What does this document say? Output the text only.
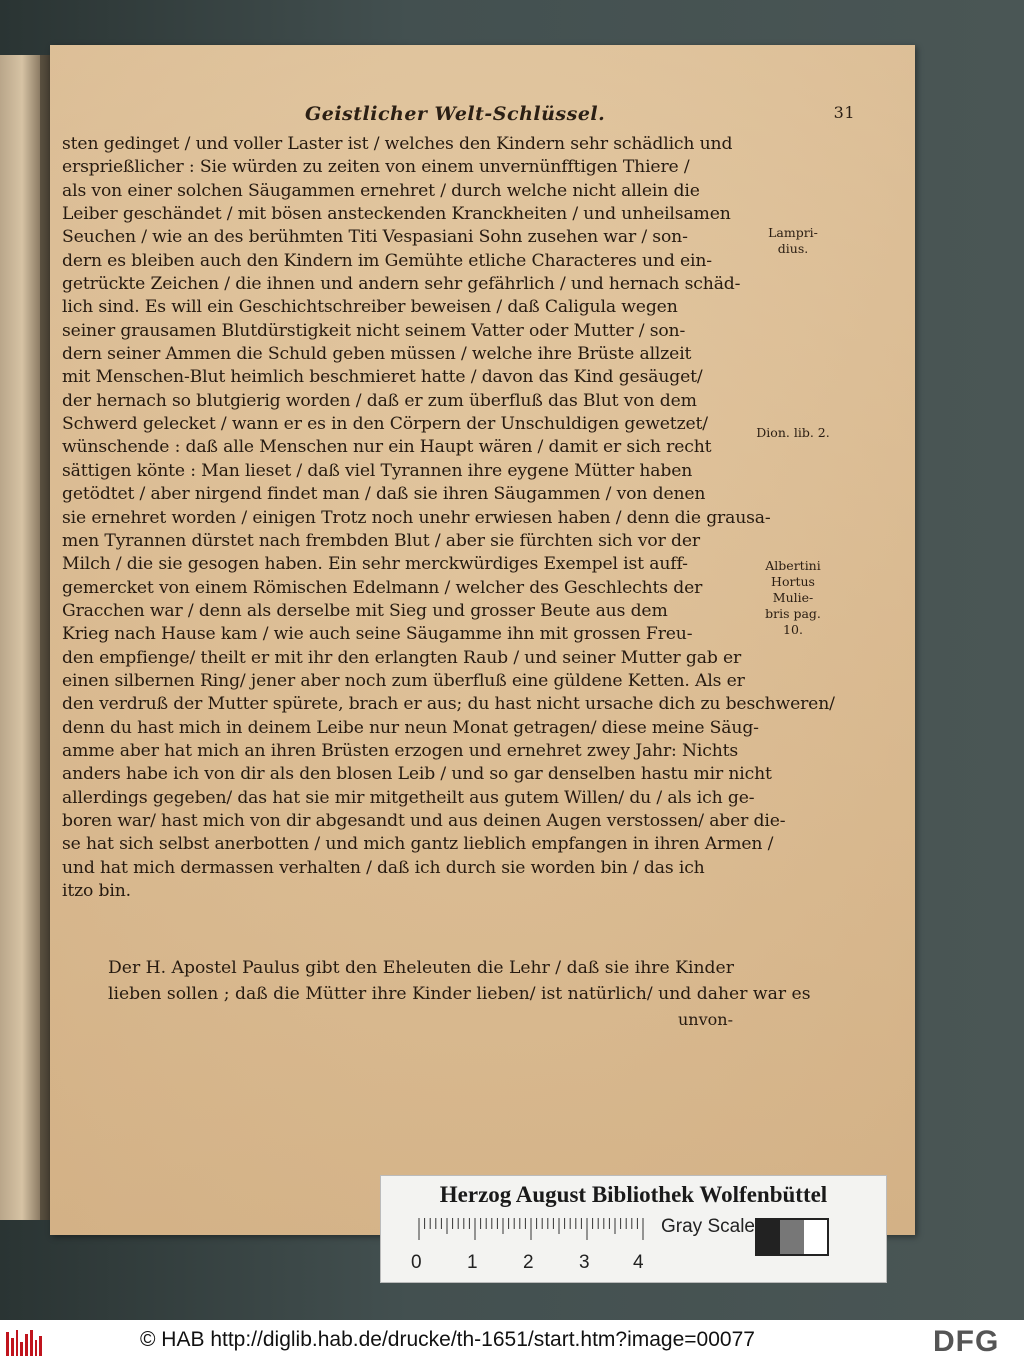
Geistlicher Welt-Schlüssel.	31
sten gedinget / und voller Laster ist / welches den Kindern sehr schädlich und
ersprießlicher : Sie würden zu zeiten von einem unvernünfftigen Thiere /
als von einer solchen Säugammen ernehret / durch welche nicht allein die
Leiber geschändet / mit bösen ansteckenden Kranckheiten / und unheilsamen
Seuchen / wie an des berühmten Titi Vespasiani Sohn zusehen war / son-
dern es bleiben auch den Kindern im Gemühte etliche Characteres und ein-
getrückte Zeichen / die ihnen und andern sehr gefährlich / und hernach schäd-
lich sind. Es will ein Geschichtschreiber beweisen / daß Caligula wegen
seiner grausamen Blutdürstigkeit nicht seinem Vatter oder Mutter / son-
dern seiner Ammen die Schuld geben müssen / welche ihre Brüste allzeit
mit Menschen-Blut heimlich beschmieret hatte / davon das Kind gesäuget/
der hernach so blutgierig worden / daß er zum überfluß das Blut von dem
Schwerd gelecket / wann er es in den Cörpern der Unschuldigen gewetzet/
wünschende : daß alle Menschen nur ein Haupt wären / damit er sich recht
sättigen könte : Man lieset / daß viel Tyrannen ihre eygene Mütter haben
getödtet / aber nirgend findet man / daß sie ihren Säugammen / von denen
sie ernehret worden / einigen Trotz noch unehr erwiesen haben / denn die grausa-
men Tyrannen dürstet nach frembden Blut / aber sie fürchten sich vor der
Milch / die sie gesogen haben. Ein sehr merckwürdiges Exempel ist auff-
gemercket von einem Römischen Edelmann / welcher des Geschlechts der
Gracchen war / denn als derselbe mit Sieg und grosser Beute aus dem
Krieg nach Hause kam / wie auch seine Säugamme ihn mit grossen Freu-
den empfienge/ theilt er mit ihr den erlangten Raub / und seiner Mutter gab er
einen silbernen Ring/ jener aber noch zum überfluß eine güldene Ketten. Als er
den verdruß der Mutter spürete, brach er aus; du hast nicht ursache dich zu beschweren/
denn du hast mich in deinem Leibe nur neun Monat getragen/ diese meine Säug-
amme aber hat mich an ihren Brüsten erzogen und ernehret zwey Jahr: Nichts
anders habe ich von dir als den blosen Leib / und so gar denselben hastu mir nicht
allerdings gegeben/ das hat sie mir mitgetheilt aus gutem Willen/ du / als ich ge-
boren war/ hast mich von dir abgesandt und aus deinen Augen verstossen/ aber die-
se hat sich selbst anerbotten / und mich gantz lieblich empfangen in ihren Armen /
und hat mich dermassen verhalten / daß ich durch sie worden bin / das ich
itzo bin.
Lampri-dius.
Dion. lib. 2.
Albertini
Hortus
Mulie-
bris pag.
10.
Der H. Apostel Paulus gibt den Eheleuten die Lehr / daß sie ihre Kinder
lieben sollen ; daß die Mütter ihre Kinder lieben/ ist natürlich/ und daher war es
unvon-
Herzog August Bibliothek Wolfenbüttel
0 1 2 3 4
Gray Scale
© HAB http://diglib.hab.de/drucke/th-1651/start.htm?image=00077	DFG
